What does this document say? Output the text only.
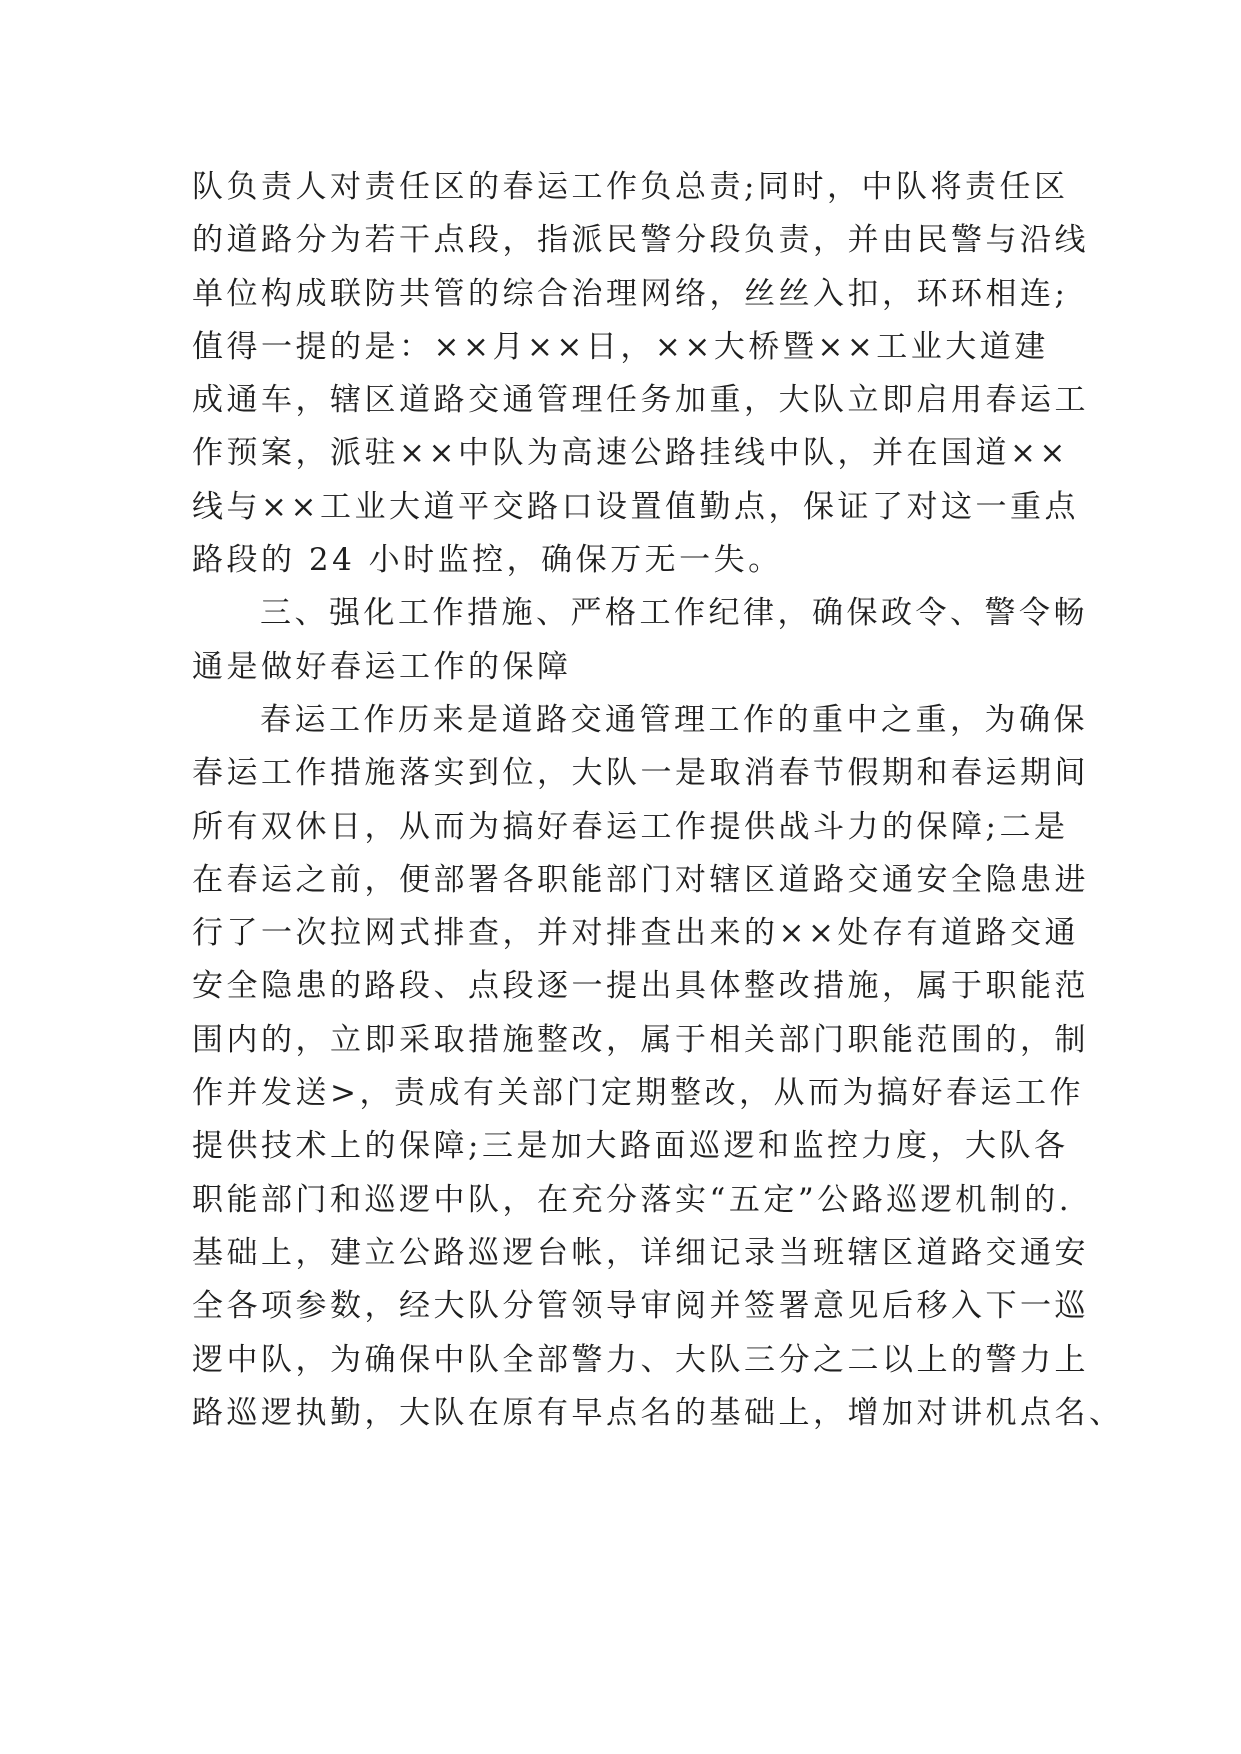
队负责人对责任区的春运工作负总责;同时，中队将责任区
的道路分为若干点段，指派民警分段负责，并由民警与沿线
单位构成联防共管的综合治理网络，丝丝入扣，环环相连;
值得一提的是：××月××日，××大桥暨××工业大道建
成通车，辖区道路交通管理任务加重，大队立即启用春运工
作预案，派驻××中队为高速公路挂线中队，并在国道××
线与××工业大道平交路口设置值勤点，保证了对这一重点
路段的 24 小时监控，确保万无一失。
三、强化工作措施、严格工作纪律，确保政令、警令畅
通是做好春运工作的保障
春运工作历来是道路交通管理工作的重中之重，为确保
春运工作措施落实到位，大队一是取消春节假期和春运期间
所有双休日，从而为搞好春运工作提供战斗力的保障;二是
在春运之前，便部署各职能部门对辖区道路交通安全隐患进
行了一次拉网式排查，并对排查出来的××处存有道路交通
安全隐患的路段、点段逐一提出具体整改措施，属于职能范
围内的，立即采取措施整改，属于相关部门职能范围的，制
作并发送>，责成有关部门定期整改，从而为搞好春运工作
提供技术上的保障;三是加大路面巡逻和监控力度，大队各
职能部门和巡逻中队，在充分落实“五定”公路巡逻机制的.
基础上，建立公路巡逻台帐，详细记录当班辖区道路交通安
全各项参数，经大队分管领导审阅并签署意见后移入下一巡
逻中队，为确保中队全部警力、大队三分之二以上的警力上
路巡逻执勤，大队在原有早点名的基础上，增加对讲机点名、
